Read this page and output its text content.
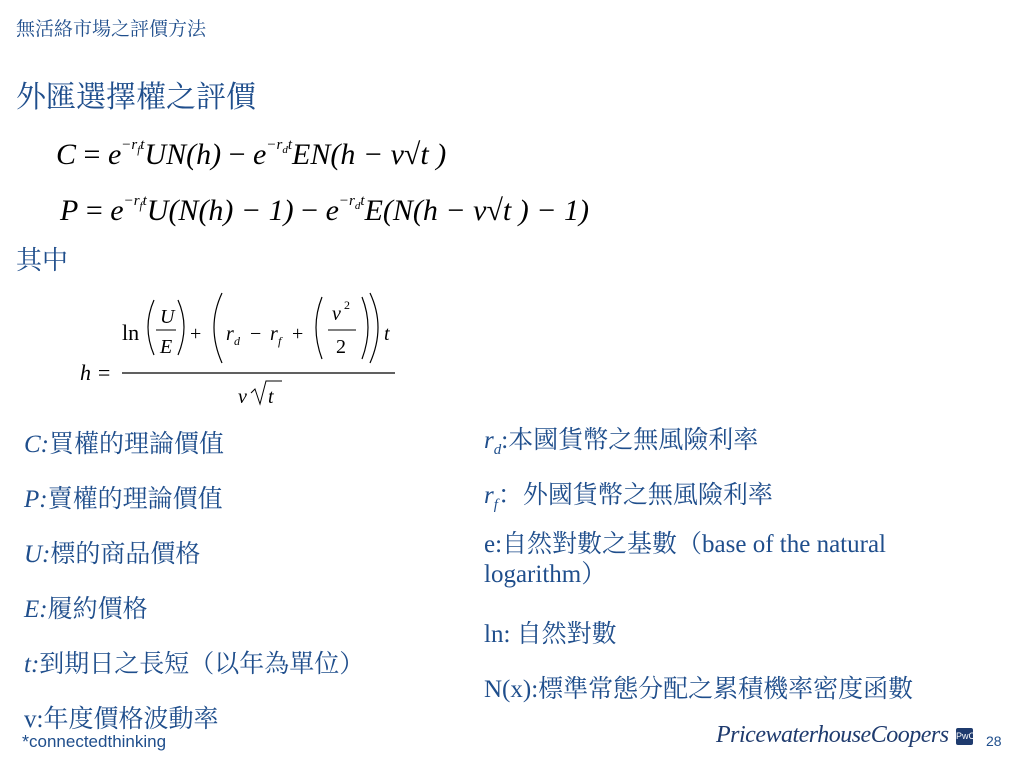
無活絡市場之評價方法
外匯選擇權之評價
$C = e^{-r_ft}UN(h) - e^{-r_dt}EN(h - v√t$ )
$P = e^{-r_ft}U(N(h) - 1) - e^{-r_dt}E(N(h - v√t$ ) − 1)
其中
h =
ln
U
E
+ r d − r f +
v 2
2
t
v t
C:買權的理論價值
P:賣權的理論價值
U:標的商品價格
E:履約價格
t:到期日之長短（以年為單位）
v:年度價格波動率
$r_d$:本國貨幣之無風險利率
$r_f$：外國貨幣之無風險利率
e:自然對數之基數（base of the natural logarithm）
ln: 自然對數
N(x):標準常態分配之累積機率密度函數
*connectedthinking	PricewaterhouseCoopers PwC 28
